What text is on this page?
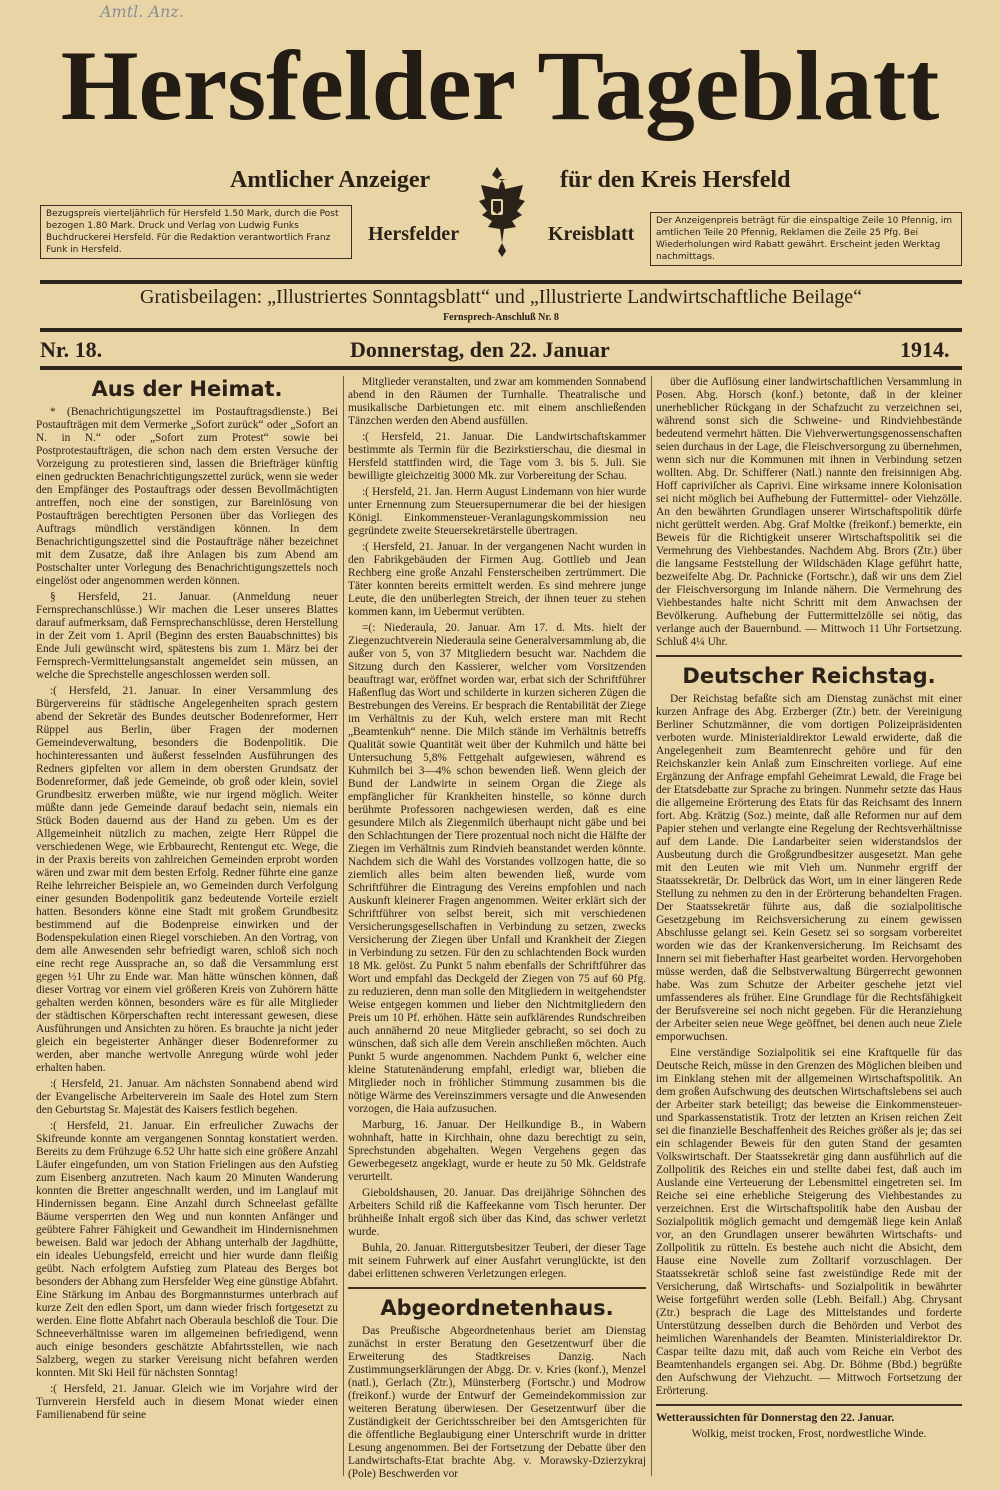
Amtl. Anz.
Hersfelder Tageblatt
Amtlicher Anzeiger	für den Kreis Hersfeld
Bezugspreis vierteljährlich für Hersfeld 1.50 Mark, durch die Post bezogen 1.80 Mark. Druck und Verlag von Ludwig Funks Buchdruckerei Hersfeld. Für die Redaktion verantwortlich Franz Funk in Hersfeld.
Der Anzeigenpreis beträgt für die einspaltige Zeile 10 Pfennig, im amtlichen Teile 20 Pfennig, Reklamen die Zeile 25 Pfg. Bei Wiederholungen wird Rabatt gewährt. Erscheint jeden Werktag nachmittags.
Hersfelder	Kreisblatt
Gratisbeilagen: „Illustriertes Sonntagsblatt“ und „Illustrierte Landwirtschaftliche Beilage“
Fernsprech-Anschluß Nr. 8
Nr. 18.	Donnerstag, den 22. Januar	1914.
Aus der Heimat.

* (Benachrichtigungszettel im Postauftragsdienste.) Bei Postaufträgen mit dem Vermerke „Sofort zurück“ oder „Sofort an N. in N.“ oder „Sofort zum Protest“ sowie bei Postprotestaufträgen, die schon nach dem ersten Versuche der Vorzeigung zu protestieren sind, lassen die Briefträger künftig einen gedruckten Benachrichtigungszettel zurück, wenn sie weder den Empfänger des Postauftrags oder dessen Bevollmächtigten antreffen, noch eine der sonstigen, zur Bareinlösung von Postaufträgen berechtigten Personen über das Vorliegen des Auftrags mündlich verständigen können. In dem Benachrichtigungszettel sind die Postaufträge näher bezeichnet mit dem Zusatze, daß ihre Anlagen bis zum Abend am Postschalter unter Vorlegung des Benachrichtigungszettels noch eingelöst oder angenommen werden können.

§ Hersfeld, 21. Januar. (Anmeldung neuer Fernsprechanschlüsse.) Wir machen die Leser unseres Blattes darauf aufmerksam, daß Fernsprechanschlüsse, deren Herstellung in der Zeit vom 1. April (Beginn des ersten Bauabschnittes) bis Ende Juli gewünscht wird, spätestens bis zum 1. März bei der Fernsprech-Vermittelungsanstalt angemeldet sein müssen, an welche die Sprechstelle angeschlossen werden soll.

:( Hersfeld, 21. Januar. In einer Versammlung des Bürgervereins für städtische Angelegenheiten sprach gestern abend der Sekretär des Bundes deutscher Bodenreformer, Herr Rüppel aus Berlin, über Fragen der modernen Gemeindeverwaltung, besonders die Bodenpolitik. Die hochinteressanten und äußerst fesselnden Ausführungen des Redners gipfelten vor allem in dem obersten Grundsatz der Bodenreformer, daß jede Gemeinde, ob groß oder klein, soviel Grundbesitz erwerben müßte, wie nur irgend möglich. Weiter müßte dann jede Gemeinde darauf bedacht sein, niemals ein Stück Boden dauernd aus der Hand zu geben. Um es der Allgemeinheit nützlich zu machen, zeigte Herr Rüppel die verschiedenen Wege, wie Erbbaurecht, Rentengut etc. Wege, die in der Praxis bereits von zahlreichen Gemeinden erprobt worden wären und zwar mit dem besten Erfolg. Redner führte eine ganze Reihe lehrreicher Beispiele an, wo Gemeinden durch Verfolgung einer gesunden Bodenpolitik ganz bedeutende Vorteile erzielt hatten. Besonders könne eine Stadt mit großem Grundbesitz bestimmend auf die Bodenpreise einwirken und der Bodenspekulation einen Riegel vorschieben. An den Vortrag, von dem alle Anwesenden sehr befriedigt waren, schloß sich noch eine recht rege Aussprache an, so daß die Versammlung erst gegen ½1 Uhr zu Ende war. Man hätte wünschen können, daß dieser Vortrag vor einem viel größeren Kreis von Zuhörern hätte gehalten werden können, besonders wäre es für alle Mitglieder der städtischen Körperschaften recht interessant gewesen, diese Ausführungen und Ansichten zu hören. Es brauchte ja nicht jeder gleich ein begeisterter Anhänger dieser Bodenreformer zu werden, aber manche wertvolle Anregung würde wohl jeder erhalten haben.

:( Hersfeld, 21. Januar. Am nächsten Sonnabend abend wird der Evangelische Arbeiterverein im Saale des Hotel zum Stern den Geburtstag Sr. Majestät des Kaisers festlich begehen.

:( Hersfeld, 21. Januar. Ein erfreulicher Zuwachs der Skifreunde konnte am vergangenen Sonntag konstatiert werden. Bereits zu dem Frühzuge 6.52 Uhr hatte sich eine größere Anzahl Läufer eingefunden, um von Station Frielingen aus den Aufstieg zum Eisenberg anzutreten. Nach kaum 20 Minuten Wanderung konnten die Bretter angeschnallt werden, und im Langlauf mit Hindernissen begann. Eine Anzahl durch Schneelast gefällte Bäume versperrten den Weg und nun konnten Anfänger und geübtere Fahrer Fähigkeit und Gewandheit im Hindernisnehmen beweisen. Bald war jedoch der Abhang unterhalb der Jagdhütte, ein ideales Uebungsfeld, erreicht und hier wurde dann fleißig geübt. Nach erfolgtem Aufstieg zum Plateau des Berges bot besonders der Abhang zum Hersfelder Weg eine günstige Abfahrt. Eine Stärkung im Anbau des Borgmannsturmes unterbrach auf kurze Zeit den edlen Sport, um dann wieder frisch fortgesetzt zu werden. Eine flotte Abfahrt nach Oberaula beschloß die Tour. Die Schneeverhältnisse waren im allgemeinen befriedigend, wenn auch einige besonders geschätzte Abfahrtsstellen, wie nach Salzberg, wegen zu starker Vereisung nicht befahren werden konnten. Mit Ski Heil für nächsten Sonntag!

:( Hersfeld, 21. Januar. Gleich wie im Vorjahre wird der Turnverein Hersfeld auch in diesem Monat wieder einen Familienabend für seine

Mitglieder veranstalten, und zwar am kommenden Sonnabend abend in den Räumen der Turnhalle. Theatralische und musikalische Darbietungen etc. mit einem anschließenden Tänzchen werden den Abend ausfüllen.

:( Hersfeld, 21. Januar. Die Landwirtschaftskammer bestimmte als Termin für die Bezirkstierschau, die diesmal in Hersfeld stattfinden wird, die Tage vom 3. bis 5. Juli. Sie bewilligte gleichzeitig 3000 Mk. zur Vorbereitung der Schau.

:( Hersfeld, 21. Jan. Herrn August Lindemann von hier wurde unter Ernennung zum Steuersupernumerar die bei der hiesigen Königl. Einkommensteuer-Veranlagungskommission neu gegründete zweite Steuersekretärstelle übertragen.

:( Hersfeld, 21. Januar. In der vergangenen Nacht wurden in den Fabrikgebäuden der Firmen Aug. Gottlieb und Jean Rechberg eine große Anzahl Fensterscheiben zertrümmert. Die Täter konnten bereits ermittelt werden. Es sind mehrere junge Leute, die den unüberlegten Streich, der ihnen teuer zu stehen kommen kann, im Uebermut verübten.

=(: Niederaula, 20. Januar. Am 17. d. Mts. hielt der Ziegenzuchtverein Niederaula seine Generalversammlung ab, die außer von 5, von 37 Mitgliedern besucht war. Nachdem die Sitzung durch den Kassierer, welcher vom Vorsitzenden beauftragt war, eröffnet worden war, erbat sich der Schriftführer Haßenflug das Wort und schilderte in kurzen sicheren Zügen die Bestrebungen des Vereins. Er besprach die Rentabilität der Ziege im Verhältnis zu der Kuh, welch erstere man mit Recht „Beamtenkuh“ nenne. Die Milch stände im Verhältnis betreffs Qualität sowie Quantität weit über der Kuhmilch und hätte bei Untersuchung 5,8% Fettgehalt aufgewiesen, während es Kuhmilch bei 3—4% schon bewenden ließ. Wenn gleich der Bund der Landwirte in seinem Organ die Ziege als empfänglicher für Krankheiten hinstelle, so könne durch berühmte Professoren nachgewiesen werden, daß es eine gesundere Milch als Ziegenmilch überhaupt nicht gäbe und bei den Schlachtungen der Tiere prozentual noch nicht die Hälfte der Ziegen im Verhältnis zum Rindvieh beanstandet werden könnte. Nachdem sich die Wahl des Vorstandes vollzogen hatte, die so ziemlich alles beim alten bewenden ließ, wurde vom Schriftführer die Eintragung des Vereins empfohlen und nach Auskunft kleinerer Fragen angenommen. Weiter erklärt sich der Schriftführer von selbst bereit, sich mit verschiedenen Versicherungsgesellschaften in Verbindung zu setzen, zwecks Versicherung der Ziegen über Unfall und Krankheit der Ziegen in Verbindung zu setzen. Für den zu schlachtenden Bock wurden 18 Mk. gelöst. Zu Punkt 5 nahm ebenfalls der Schriftführer das Wort und empfahl das Deckgeld der Ziegen von 75 auf 60 Pfg. zu reduzieren, denn man solle den Mitgliedern in weitgehendster Weise entgegen kommen und lieber den Nichtmitgliedern den Preis um 10 Pf. erhöhen. Hätte sein aufklärendes Rundschreiben auch annähernd 20 neue Mitglieder gebracht, so sei doch zu wünschen, daß sich alle dem Verein anschließen möchten. Auch Punkt 5 wurde angenommen. Nachdem Punkt 6, welcher eine kleine Statutenänderung empfahl, erledigt war, blieben die Mitglieder noch in fröhlicher Stimmung zusammen bis die nötige Wärme des Vereinszimmers versagte und die Anwesenden vorzogen, die Haia aufzusuchen.

Marburg, 16. Januar. Der Heilkundige B., in Wabern wohnhaft, hatte in Kirchhain, ohne dazu berechtigt zu sein, Sprechstunden abgehalten. Wegen Vergehens gegen das Gewerbegesetz angeklagt, wurde er heute zu 50 Mk. Geldstrafe verurteilt.

Gieboldshausen, 20. Januar. Das dreijährige Söhnchen des Arbeiters Schild riß die Kaffeekanne vom Tisch herunter. Der brühheiße Inhalt ergoß sich über das Kind, das schwer verletzt wurde.

Buhla, 20. Januar. Rittergutsbesitzer Teuberi, der dieser Tage mit seinem Fuhrwerk auf einer Ausfahrt verunglückte, ist den dabei erlittenen schweren Verletzungen erlegen.

Abgeordnetenhaus.

Das Preußische Abgeordnetenhaus beriet am Dienstag zunächst in erster Beratung den Gesetzentwurf über die Erweiterung des Stadtkreises Danzig. Nach Zustimmungserklärungen der Abgg. Dr. v. Kries (konf.), Menzel (natl.), Gerlach (Ztr.), Münsterberg (Fortschr.) und Modrow (freikonf.) wurde der Entwurf der Gemeindekommission zur weiteren Beratung überwiesen. Der Gesetzentwurf über die Zuständigkeit der Gerichtsschreiber bei den Amtsgerichten für die öffentliche Beglaubigung einer Unterschrift wurde in dritter Lesung angenommen. Bei der Fortsetzung der Debatte über den Landwirtschafts-Etat brachte Abg. v. Morawsky-Dzierzykraj (Pole) Beschwerden vor

über die Auflösung einer landwirtschaftlichen Versammlung in Posen. Abg. Horsch (konf.) betonte, daß in der kleiner unerheblicher Rückgang in der Schafzucht zu verzeichnen sei, während sonst sich die Schweine- und Rindviehbestände bedeutend vermehrt hätten. Die Viehverwertungsgenossenschaften seien durchaus in der Lage, die Fleischversorgung zu übernehmen, wenn sich nur die Kommunen mit ihnen in Verbindung setzen wollten. Abg. Dr. Schifferer (Natl.) nannte den freisinnigen Abg. Hoff capriviſcher als Caprivi. Eine wirksame innere Kolonisation sei nicht möglich bei Aufhebung der Futtermittel- oder Viehzölle. An den bewährten Grundlagen unserer Wirtschaftspolitik dürfe nicht gerüttelt werden. Abg. Graf Moltke (freikonf.) bemerkte, ein Beweis für die Richtigkeit unserer Wirtschaftspolitik sei die Vermehrung des Viehbestandes. Nachdem Abg. Brors (Ztr.) über die langsame Feststellung der Wildschäden Klage geführt hatte, bezweifelte Abg. Dr. Pachnicke (Fortschr.), daß wir uns dem Ziel der Fleischversorgung im Inlande nähern. Die Vermehrung des Viehbestandes halte nicht Schritt mit dem Anwachsen der Bevölkerung. Aufhebung der Futtermittelzölle sei nötig, das verlange auch der Bauernbund. — Mittwoch 11 Uhr Fortsetzung. Schluß 4¼ Uhr.

Deutscher Reichstag.

Der Reichstag befaßte sich am Dienstag zunächst mit einer kurzen Anfrage des Abg. Erzberger (Ztr.) betr. der Vereinigung Berliner Schutzmänner, die vom dortigen Polizeipräsidenten verboten wurde. Ministerialdirektor Lewald erwiderte, daß die Angelegenheit zum Beamtenrecht gehöre und für den Reichskanzler kein Anlaß zum Einschreiten vorliege. Auf eine Ergänzung der Anfrage empfahl Geheimrat Lewald, die Frage bei der Etatsdebatte zur Sprache zu bringen. Nunmehr setzte das Haus die allgemeine Erörterung des Etats für das Reichsamt des Innern fort. Abg. Krätzig (Soz.) meinte, daß alle Reformen nur auf dem Papier stehen und verlangte eine Regelung der Rechtsverhältnisse auf dem Lande. Die Landarbeiter seien widerstandslos der Ausbeutung durch die Großgrundbesitzer ausgesetzt. Man gehe mit den Leuten wie mit Vieh um. Nunmehr ergriff der Staatssekretär, Dr. Delbrück das Wort, um in einer längeren Rede Stellung zu nehmen zu den in der Erörterung behandelten Fragen. Der Staatssekretär führte aus, daß die sozialpolitische Gesetzgebung im Reichsversicherung zu einem gewissen Abschlusse gelangt sei. Kein Gesetz sei so sorgsam vorbereitet worden wie das der Krankenversicherung. Im Reichsamt des Innern sei mit fieberhafter Hast gearbeitet worden. Hervorgehoben müsse werden, daß die Selbstverwaltung Bürgerrecht gewonnen habe. Was zum Schutze der Arbeiter geschehe jetzt viel umfassenderes als früher. Eine Grundlage für die Rechtsfähigkeit der Berufsvereine sei noch nicht gegeben. Für die Heranziehung der Arbeiter seien neue Wege geöffnet, bei denen auch neue Ziele emporwuchsen.

Eine verständige Sozialpolitik sei eine Kraftquelle für das Deutsche Reich, müsse in den Grenzen des Möglichen bleiben und im Einklang stehen mit der allgemeinen Wirtschaftspolitik. An dem großen Aufschwung des deutschen Wirtschaftslebens sei auch der Arbeiter stark beteiligt; das beweise die Einkommensteuer- und Sparkassenstatistik. Trotz der letzten an Krisen reichen Zeit sei die finanzielle Beschaffenheit des Reiches größer als je; das sei ein schlagender Beweis für den guten Stand der gesamten Volkswirtschaft. Der Staatssekretär ging dann ausführlich auf die Zollpolitik des Reiches ein und stellte dabei fest, daß auch im Auslande eine Verteuerung der Lebensmittel eingetreten sei. Im Reiche sei eine erhebliche Steigerung des Viehbestandes zu verzeichnen. Erst die Wirtschaftspolitik habe den Ausbau der Sozialpolitik möglich gemacht und demgemäß liege kein Anlaß vor, an den Grundlagen unserer bewährten Wirtschafts- und Zollpolitik zu rütteln. Es bestehe auch nicht die Absicht, dem Hause eine Novelle zum Zolltarif vorzuschlagen. Der Staatssekretär schloß seine fast zweistündige Rede mit der Versicherung, daß Wirtschafts- und Sozialpolitik in bewährter Weise fortgeführt werden solle (Lebh. Beifall.) Abg. Chrysant (Ztr.) besprach die Lage des Mittelstandes und forderte Unterstützung desselben durch die Behörden und Verbot des heimlichen Warenhandels der Beamten. Ministerialdirektor Dr. Caspar teilte dazu mit, daß auch vom Reiche ein Verbot des Beamtenhandels ergangen sei. Abg. Dr. Böhme (Bbd.) begrüßte den Aufschwung der Viehzucht. — Mittwoch Fortsetzung der Erörterung.

Wetteraussichten für Donnerstag den 22. Januar.

Wolkig, meist trocken, Frost, nordwestliche Winde.
